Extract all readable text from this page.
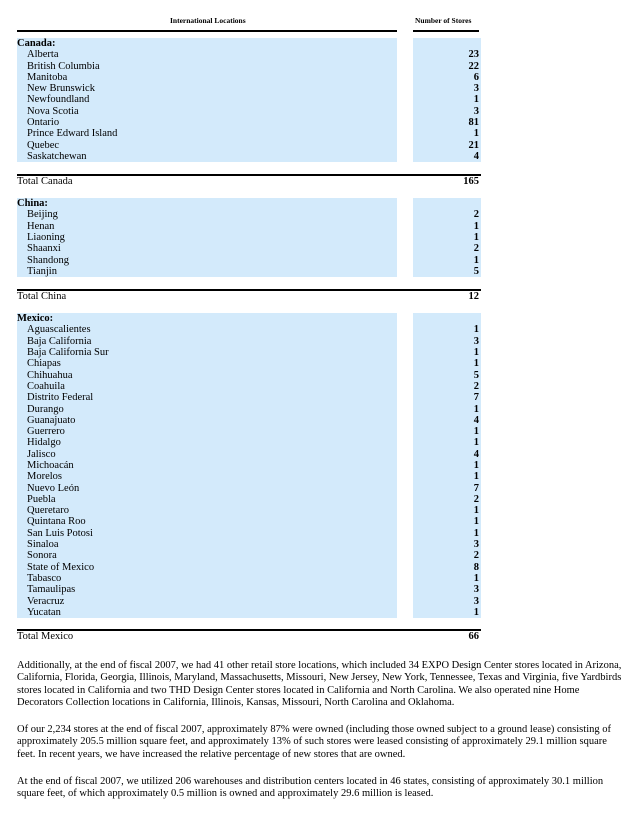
International Locations	Number of Stores
Canada:		
Alberta		23
British Columbia		22
Manitoba		6
New Brunswick		3
Newfoundland		1
Nova Scotia		3
Ontario		81
Prince Edward Island		1
Quebec		21
Saskatchewan		4

Total Canada		165

China:		
Beijing		2
Henan		1
Liaoning		1
Shaanxi		2
Shandong		1
Tianjin		5

Total China		12

Mexico:		
Aguascalientes		1
Baja California		3
Baja California Sur		1
Chiapas		1
Chihuahua		5
Coahuila		2
Distrito Federal		7
Durango		1
Guanajuato		4
Guerrero		1
Hidalgo		1
Jalisco		4
Michoacán		1
Morelos		1
Nuevo León		7
Puebla		2
Queretaro		1
Quintana Roo		1
San Luis Potosi		1
Sinaloa		3
Sonora		2
State of Mexico		8
Tabasco		1
Tamaulipas		3
Veracruz		3
Yucatan		1

Total Mexico		66

Additionally, at the end of fiscal 2007, we had 41 other retail store locations, which included 34 EXPO Design Center stores located in Arizona, California, Florida, Georgia, Illinois, Maryland, Massachusetts, Missouri, New Jersey, New York, Tennessee, Texas and Virginia, five Yardbirds stores located in California and two THD Design Center stores located in California and North Carolina. We also operated nine Home Decorators Collection locations in California, Illinois, Kansas, Missouri, North Carolina and Oklahoma.

Of our 2,234 stores at the end of fiscal 2007, approximately 87% were owned (including those owned subject to a ground lease) consisting of approximately 205.5 million square feet, and approximately 13% of such stores were leased consisting of approximately 29.1 million square feet. In recent years, we have increased the relative percentage of new stores that are owned.

At the end of fiscal 2007, we utilized 206 warehouses and distribution centers located in 46 states, consisting of approximately 30.1 million square feet, of which approximately 0.5 million is owned and approximately 29.6 million is leased.
